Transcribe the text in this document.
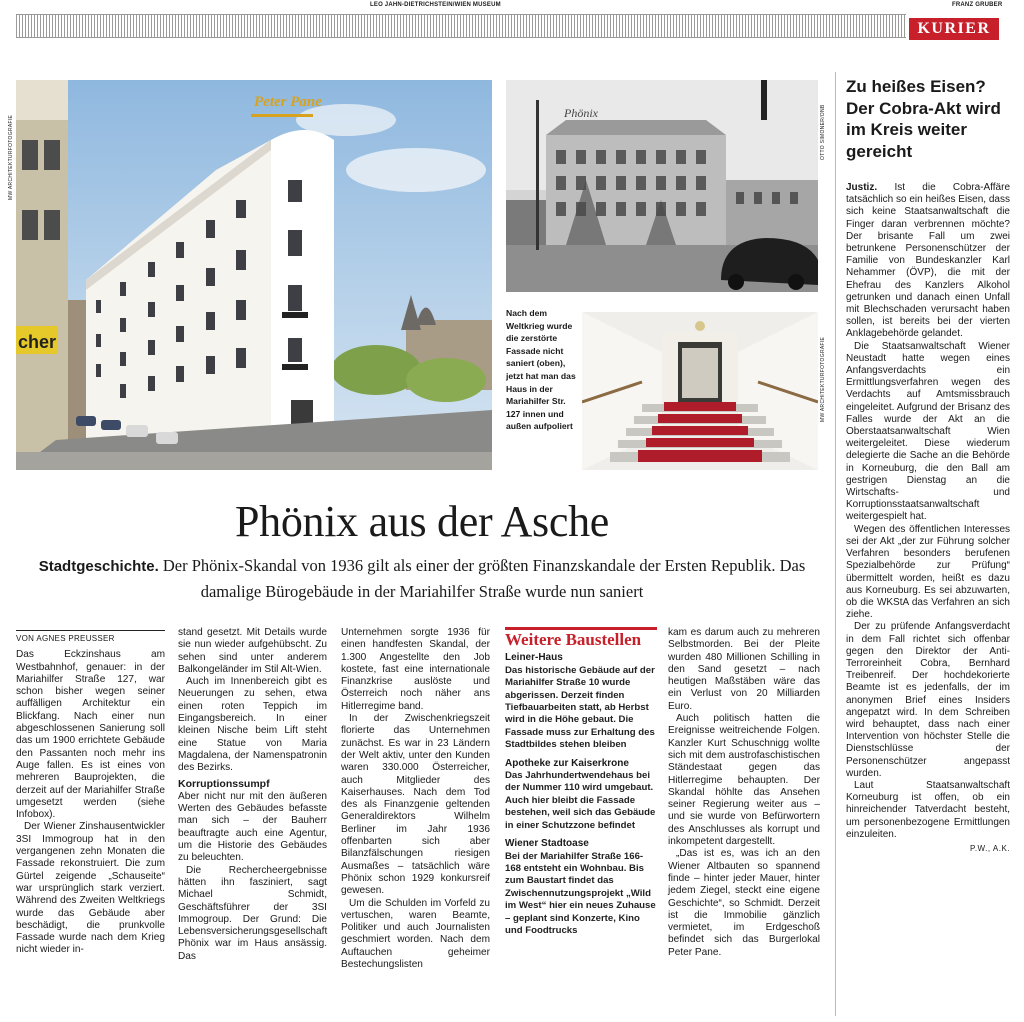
LEO JAHN-DIETRICHSTEIN/WIEN MUSEUM	FRANZ GRUBER
KURIER
cher
Peter Pane
MW ARCHITEKTURFOTOGRAFIE
Phönix	OTTO SIMONER/ONB
Nach dem Weltkrieg wurde die zerstörte Fassade nicht saniert (oben), jetzt hat man das Haus in der Mariahilfer Str. 127 innen und außen aufpoliert
MW ARCHITEKTURFOTOGRAFIE
Phönix aus der Asche
Stadtgeschichte. Der Phönix-Skandal von 1936 gilt als einer der größten Finanzskandale der Ersten Republik. Das damalige Bürogebäude in der Mariahilfer Straße wurde nun saniert
VON AGNES PREUSSER

Das Eckzinshaus am Westbahnhof, genauer: in der Mariahilfer Straße 127, war schon bisher wegen seiner auffälligen Architektur ein Blickfang. Nach einer nun abgeschlossenen Sanierung soll das um 1900 errichtete Gebäude den Passanten noch mehr ins Auge fallen. Es ist eines von mehreren Bauprojekten, die derzeit auf der Mariahilfer Straße umgesetzt werden (siehe Infobox).

Der Wiener Zinshausentwickler 3SI Immogroup hat in den vergangenen zehn Monaten die Fassade rekonstruiert. Die zum Gürtel zeigende „Schauseite“ war ursprünglich stark verziert. Während des Zweiten Weltkriegs wurde das Gebäude aber beschädigt, die prunkvolle Fassade wurde nach dem Krieg nicht wieder in-

stand gesetzt. Mit Details wurde sie nun wieder aufgehübscht. Zu sehen sind unter anderem Balkongeländer im Stil Alt-Wien.

Auch im Innenbereich gibt es Neuerungen zu sehen, etwa einen roten Teppich im Eingangsbereich. In einer kleinen Nische beim Lift steht eine Statue von Maria Magdalena, der Namenspatronin des Bezirks.

Korruptionssumpf

Aber nicht nur mit den äußeren Werten des Gebäudes befasste man sich – der Bauherr beauftragte auch eine Agentur, um die Historie des Gebäudes zu beleuchten.

Die Rechercheergebnisse hätten ihn fasziniert, sagt Michael Schmidt, Geschäftsführer der 3SI Immogroup. Der Grund: Die Lebensversicherungsgesellschaft Phönix war im Haus ansässig. Das

Unternehmen sorgte 1936 für einen handfesten Skandal, der 1.300 Angestellte den Job kostete, fast eine internationale Finanzkrise auslöste und Österreich noch näher ans Hitlerregime band.

In der Zwischenkriegszeit florierte das Unternehmen zunächst. Es war in 23 Ländern der Welt aktiv, unter den Kunden waren 330.000 Österreicher, auch Mitglieder des Kaiserhauses. Nach dem Tod des als Finanzgenie geltenden Generaldirektors Wilhelm Berliner im Jahr 1936 offenbarten sich aber Bilanzfälschungen riesigen Ausmaßes – tatsächlich wäre Phönix schon 1929 konkursreif gewesen.

Um die Schulden im Vorfeld zu vertuschen, waren Beamte, Politiker und auch Journalisten geschmiert worden. Nach dem Auftauchen geheimer Bestechungslisten

Weitere Baustellen
Leiner-Haus

Das historische Gebäude auf der Mariahilfer Straße 10 wurde abgerissen. Derzeit finden Tiefbauarbeiten statt, ab Herbst wird in die Höhe gebaut. Die Fassade muss zur Erhaltung des Stadtbildes stehen bleiben

Apotheke zur Kaiserkrone

Das Jahrhundertwendehaus bei der Nummer 110 wird umgebaut. Auch hier bleibt die Fassade bestehen, weil sich das Gebäude in einer Schutzzone befindet

Wiener Stadtoase

Bei der Mariahilfer Straße 166-168 entsteht ein Wohnbau. Bis zum Baustart findet das Zwischennutzungsprojekt „Wild im West“ hier ein neues Zuhause – geplant sind Konzerte, Kino und Foodtrucks

kam es darum auch zu mehreren Selbstmorden. Bei der Pleite wurden 480 Millionen Schilling in den Sand gesetzt – nach heutigen Maßstäben wäre das ein Verlust von 20 Milliarden Euro.

Auch politisch hatten die Ereignisse weitreichende Folgen. Kanzler Kurt Schuschnigg wollte sich mit dem austrofaschistischen Ständestaat gegen das Hitlerregime behaupten. Der Skandal höhlte das Ansehen seiner Regierung weiter aus – und sie wurde von Befürwortern des Anschlusses als korrupt und inkompetent dargestellt.

„Das ist es, was ich an den Wiener Altbauten so spannend finde – hinter jeder Mauer, hinter jedem Ziegel, steckt eine eigene Geschichte“, so Schmidt. Derzeit ist die Immobilie gänzlich vermietet, im Erdgeschoß befindet sich das Burgerlokal Peter Pane.

Zu heißes Eisen? Der Cobra-Akt wird im Kreis weiter gereicht

Justiz. Ist die Cobra-Affäre tatsächlich so ein heißes Eisen, dass sich keine Staatsanwaltschaft die Finger daran verbrennen möchte? Der brisante Fall um zwei betrunkene Personenschützer der Familie von Bundeskanzler Karl Nehammer (ÖVP), die mit der Ehefrau des Kanzlers Alkohol getrunken und danach einen Unfall mit Blechschaden verursacht haben sollen, ist bereits bei der vierten Anklagebehörde gelandet.

Die Staatsanwaltschaft Wiener Neustadt hatte wegen eines Anfangsverdachts ein Ermittlungsverfahren wegen des Verdachts auf Amtsmissbrauch eingeleitet. Aufgrund der Brisanz des Falles wurde der Akt an die Oberstaatsanwaltschaft Wien weitergeleitet. Diese wiederum delegierte die Sache an die Behörde in Korneuburg, die den Ball am gestrigen Dienstag an die Wirtschafts- und Korruptionsstaatsanwaltschaft weitergespielt hat.

Wegen des öffentlichen Interesses sei der Akt „der zur Führung solcher Verfahren besonders berufenen Spezialbehörde zur Prüfung“ übermittelt worden, heißt es dazu aus Korneuburg. Es sei abzuwarten, ob die WKStA das Verfahren an sich ziehe.

Der zu prüfende Anfangsverdacht in dem Fall richtet sich offenbar gegen den Direktor der Anti-Terroreinheit Cobra, Bernhard Treibenreif. Der hochdekorierte Beamte ist es jedenfalls, der im anonymen Brief eines Insiders angepatzt wird. In dem Schreiben wird behauptet, dass nach einer Intervention von höchster Stelle die Dienstschlüsse der Personenschützer angepasst wurden.

Laut Staatsanwaltschaft Korneuburg ist offen, ob ein hinreichender Tatverdacht besteht, um personenbezogene Ermittlungen einzuleiten.

P.W., A.K.
